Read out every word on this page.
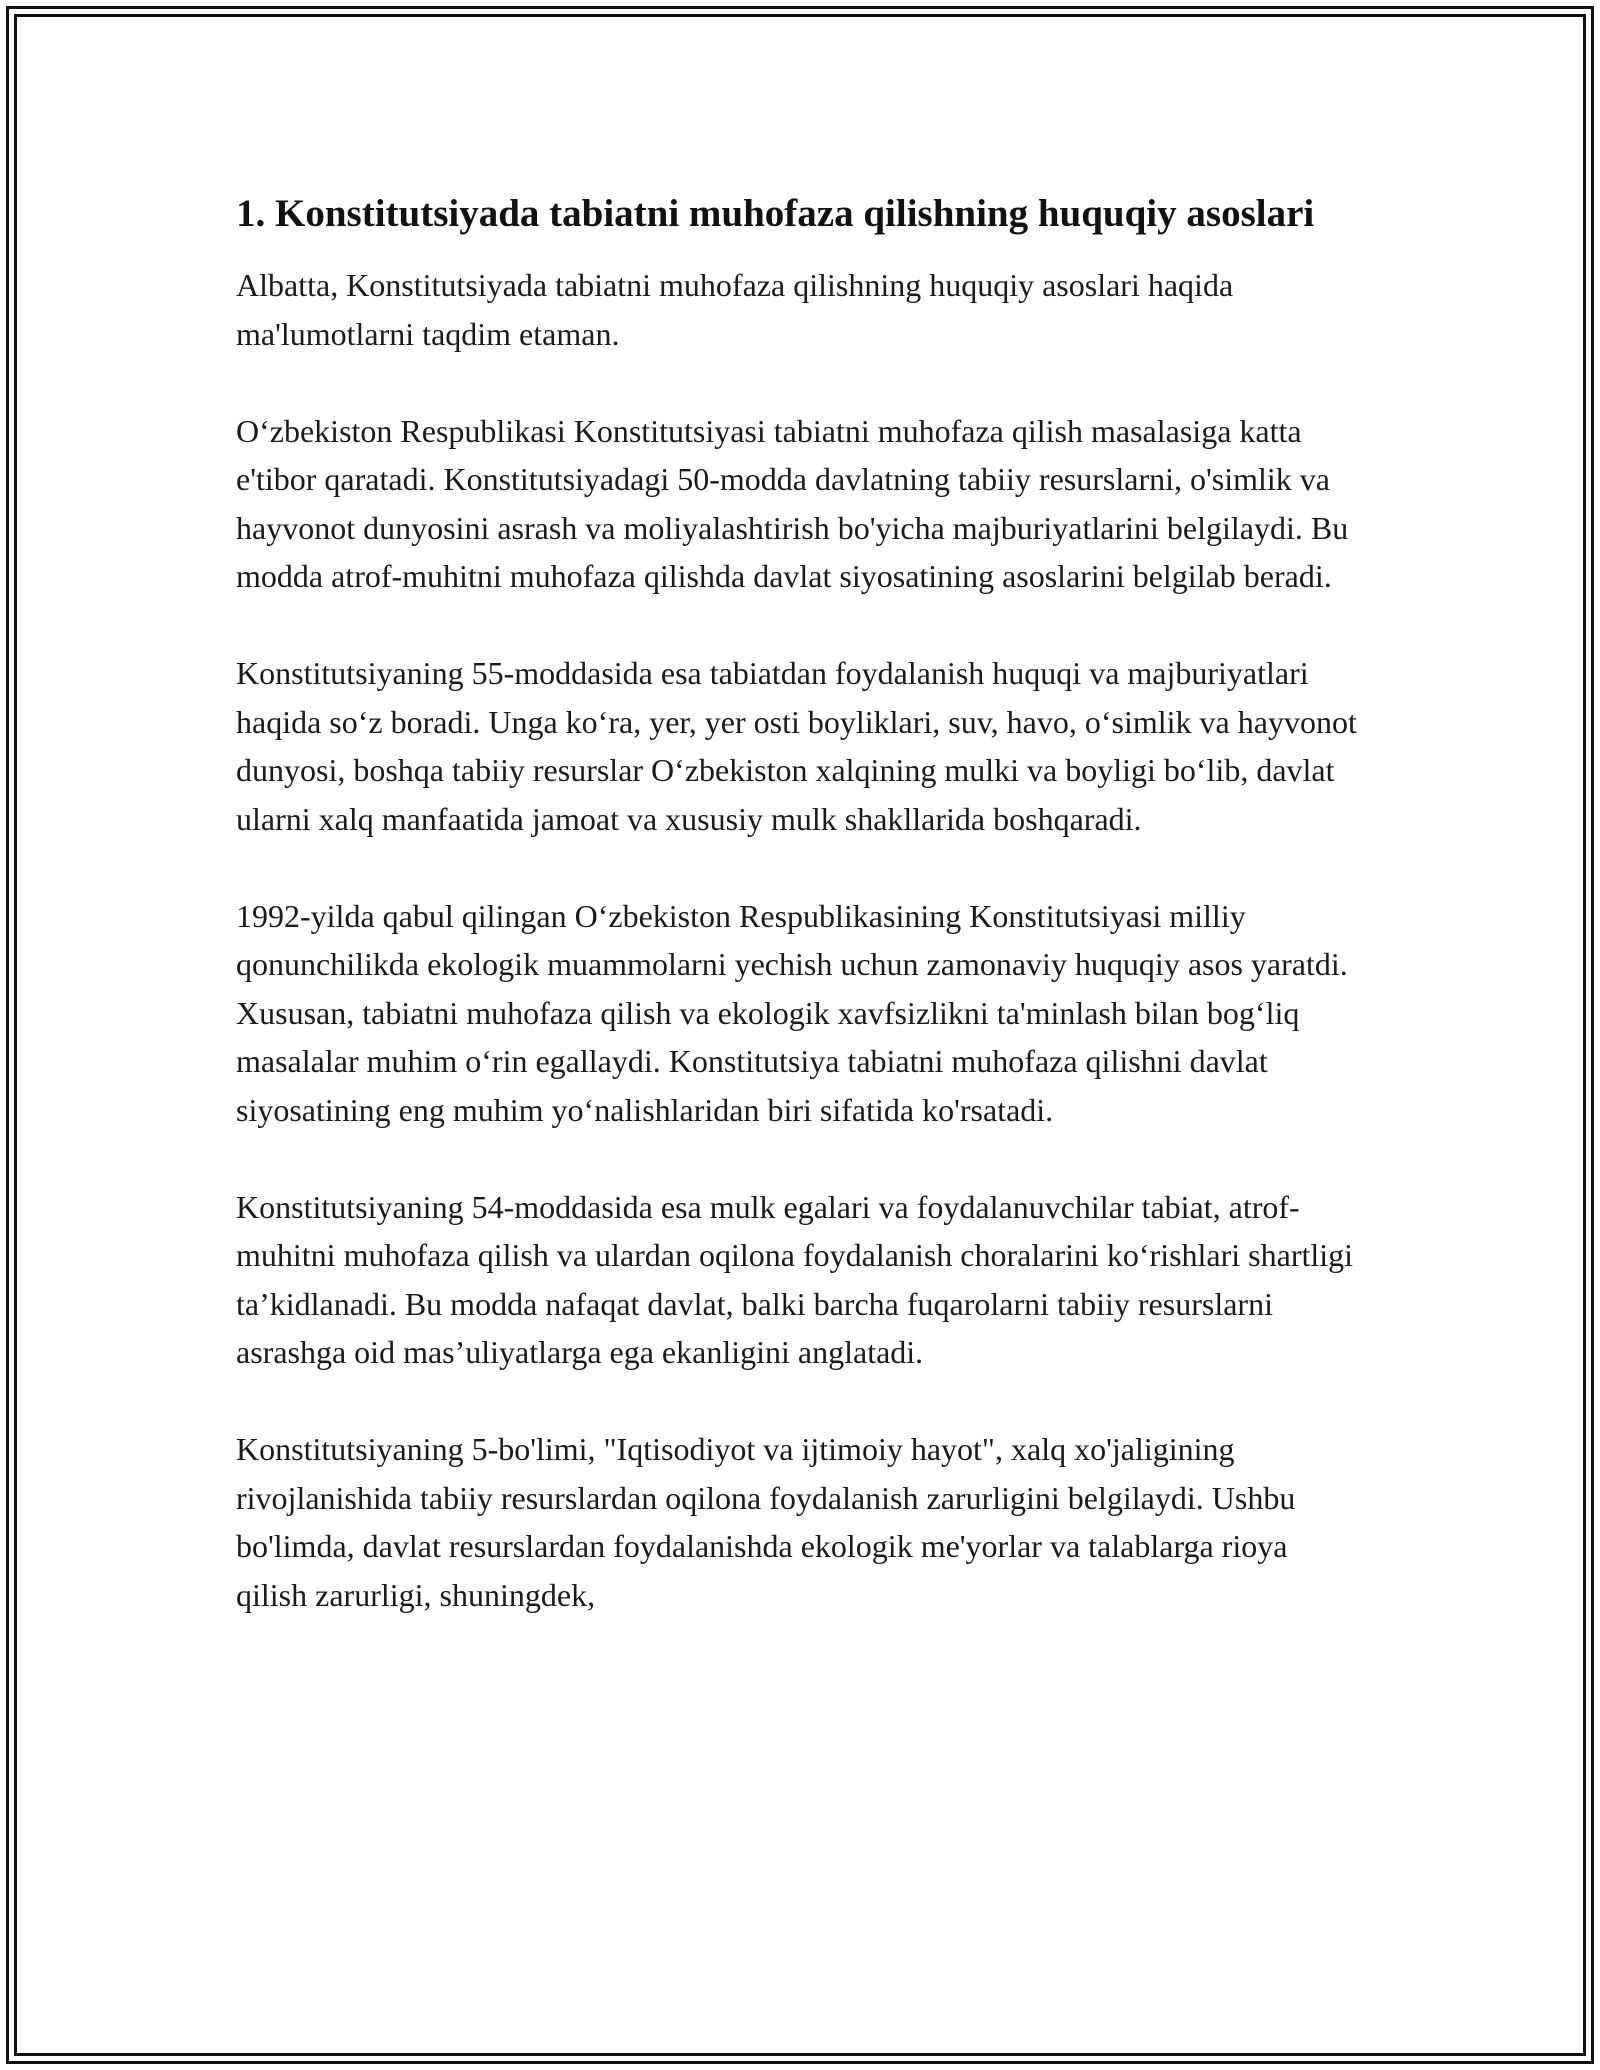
1. Konstitutsiyada tabiatni muhofaza qilishning huquqiy asoslari

Albatta, Konstitutsiyada tabiatni muhofaza qilishning huquqiy asoslari haqida ma'lumotlarni taqdim etaman.

O‘zbekiston Respublikasi Konstitutsiyasi tabiatni muhofaza qilish masalasiga katta e'tibor qaratadi. Konstitutsiyadagi 50-modda davlatning tabiiy resurslarni, o'simlik va hayvonot dunyosini asrash va moliyalashtirish bo'yicha majburiyatlarini belgilaydi. Bu modda atrof-muhitni muhofaza qilishda davlat siyosatining asoslarini belgilab beradi.

Konstitutsiyaning 55-moddasida esa tabiatdan foydalanish huquqi va majburiyatlari haqida so‘z boradi. Unga ko‘ra, yer, yer osti boyliklari, suv, havo, o‘simlik va hayvonot dunyosi, boshqa tabiiy resurslar O‘zbekiston xalqining mulki va boyligi bo‘lib, davlat ularni xalq manfaatida jamoat va xususiy mulk shakllarida boshqaradi.

1992-yilda qabul qilingan O‘zbekiston Respublikasining Konstitutsiyasi milliy qonunchilikda ekologik muammolarni yechish uchun zamonaviy huquqiy asos yaratdi. Xususan, tabiatni muhofaza qilish va ekologik xavfsizlikni ta'minlash bilan bog‘liq masalalar muhim o‘rin egallaydi. Konstitutsiya tabiatni muhofaza qilishni davlat siyosatining eng muhim yo‘nalishlaridan biri sifatida ko'rsatadi.

Konstitutsiyaning 54-moddasida esa mulk egalari va foydalanuvchilar tabiat, atrof-muhitni muhofaza qilish va ulardan oqilona foydalanish choralarini ko‘rishlari shartligi ta’kidlanadi. Bu modda nafaqat davlat, balki barcha fuqarolarni tabiiy resurslarni asrashga oid mas’uliyatlarga ega ekanligini anglatadi.

Konstitutsiyaning 5-bo'limi, "Iqtisodiyot va ijtimoiy hayot", xalq xo'jaligining rivojlanishida tabiiy resurslardan oqilona foydalanish zarurligini belgilaydi. Ushbu bo'limda, davlat resurslardan foydalanishda ekologik me'yorlar va talablarga rioya qilish zarurligi, shuningdek,
